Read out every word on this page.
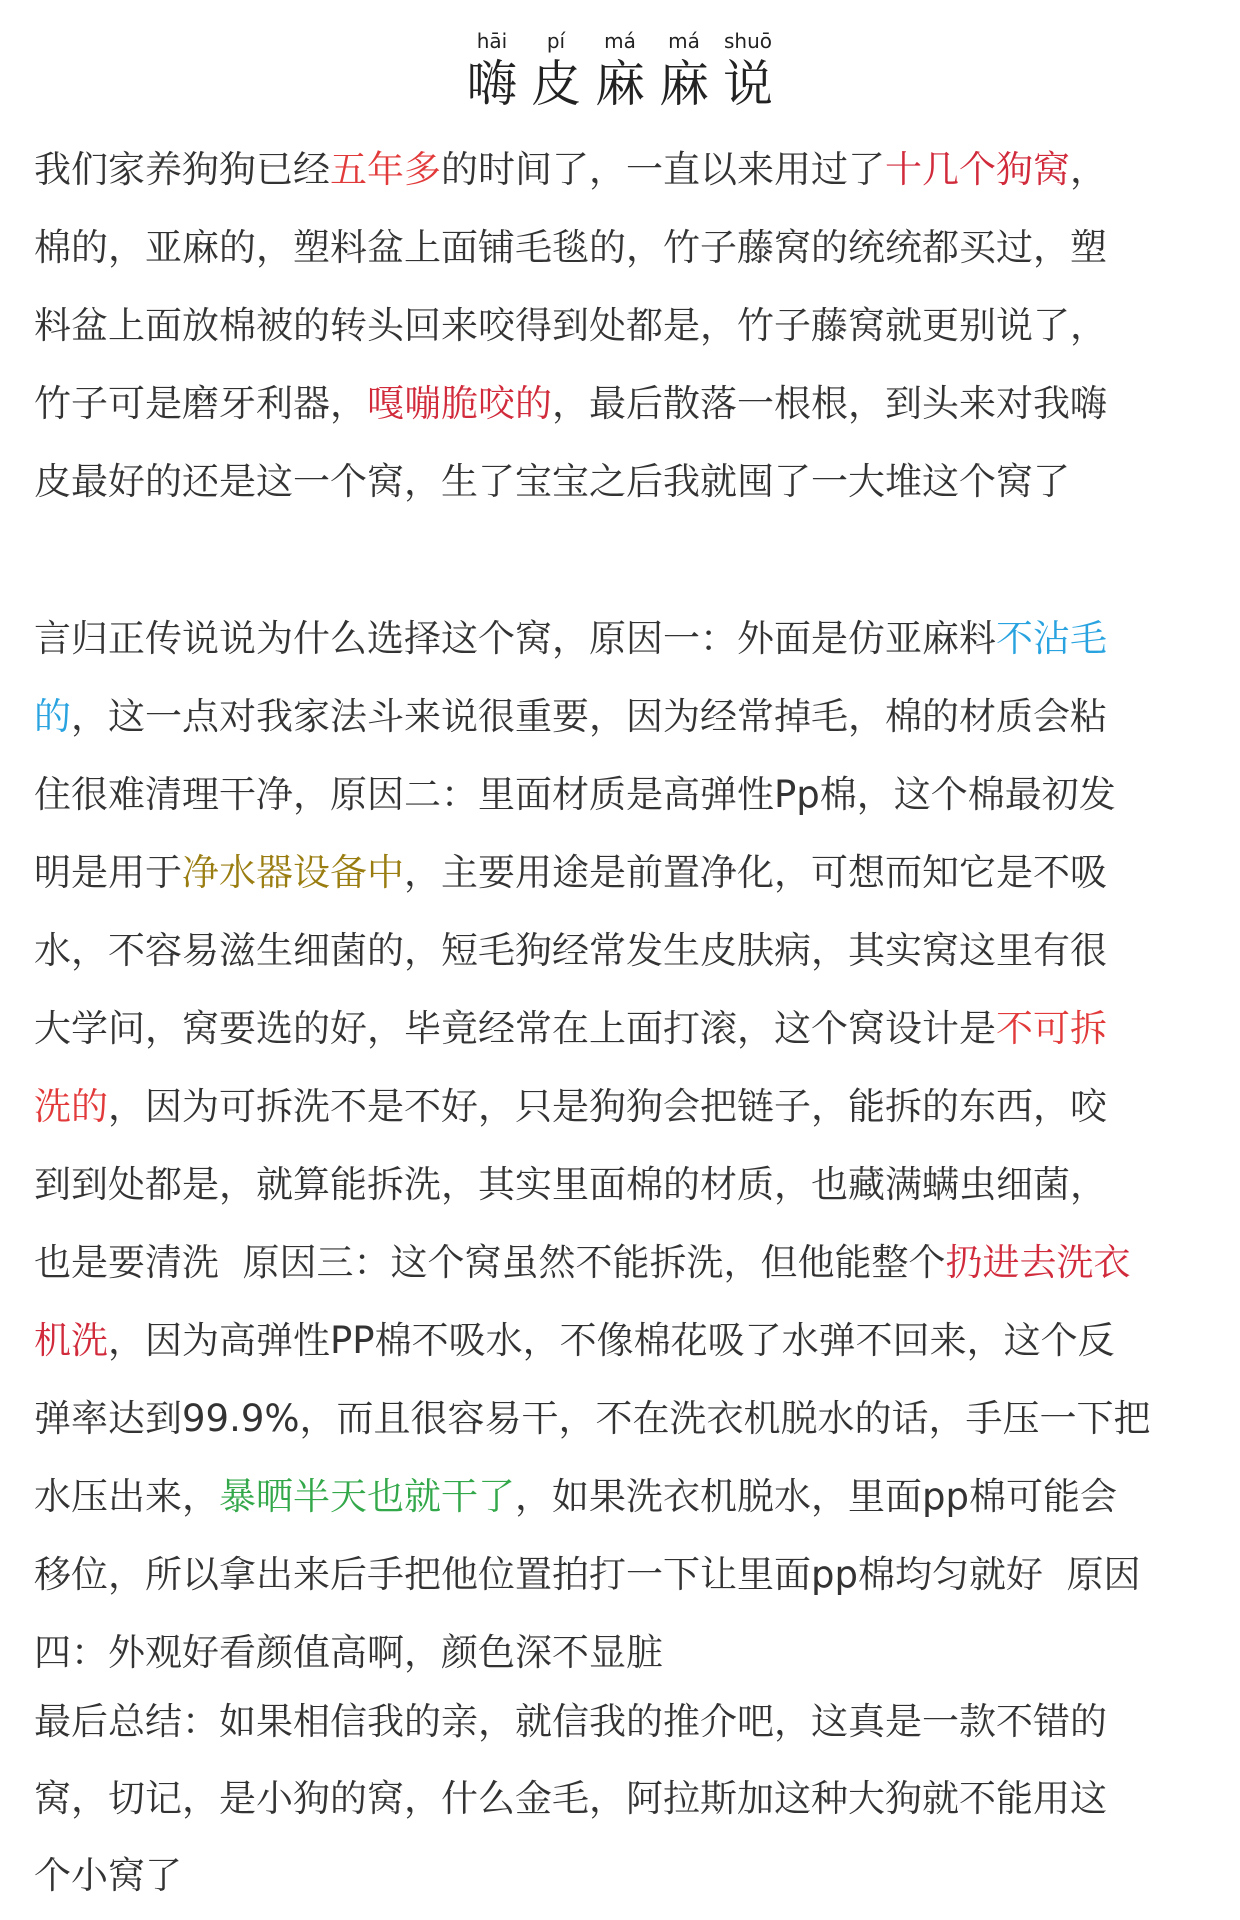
hāi	pí	má	má	shuō
嗨	皮	麻	麻	说
我们家养狗狗已经五年多的时间了，一直以来用过了十几个狗窝，
棉的，亚麻的，塑料盆上面铺毛毯的，竹子藤窝的统统都买过，塑
料盆上面放棉被的转头回来咬得到处都是，竹子藤窝就更别说了，
竹子可是磨牙利器，嘎嘣脆咬的，最后散落一根根，到头来对我嗨
皮最好的还是这一个窝，生了宝宝之后我就囤了一大堆这个窝了
言归正传说说为什么选择这个窝，原因一：外面是仿亚麻料不沾毛
的，这一点对我家法斗来说很重要，因为经常掉毛，棉的材质会粘
住很难清理干净，原因二：里面材质是高弹性Pp棉，这个棉最初发
明是用于净水器设备中，主要用途是前置净化，可想而知它是不吸
水，不容易滋生细菌的，短毛狗经常发生皮肤病，其实窝这里有很
大学问，窝要选的好，毕竟经常在上面打滚，这个窝设计是不可拆
洗的，因为可拆洗不是不好，只是狗狗会把链子，能拆的东西，咬
到到处都是，就算能拆洗，其实里面棉的材质，也藏满螨虫细菌，
也是要清洗  原因三：这个窝虽然不能拆洗，但他能整个扔进去洗衣
机洗，因为高弹性PP棉不吸水，不像棉花吸了水弹不回来，这个反
弹率达到99.9%，而且很容易干，不在洗衣机脱水的话，手压一下把
水压出来，暴晒半天也就干了，如果洗衣机脱水，里面pp棉可能会
移位，所以拿出来后手把他位置拍打一下让里面pp棉均匀就好  原因
四：外观好看颜值高啊，颜色深不显脏
最后总结：如果相信我的亲，就信我的推介吧，这真是一款不错的
窝，切记，是小狗的窝，什么金毛，阿拉斯加这种大狗就不能用这
个小窝了
